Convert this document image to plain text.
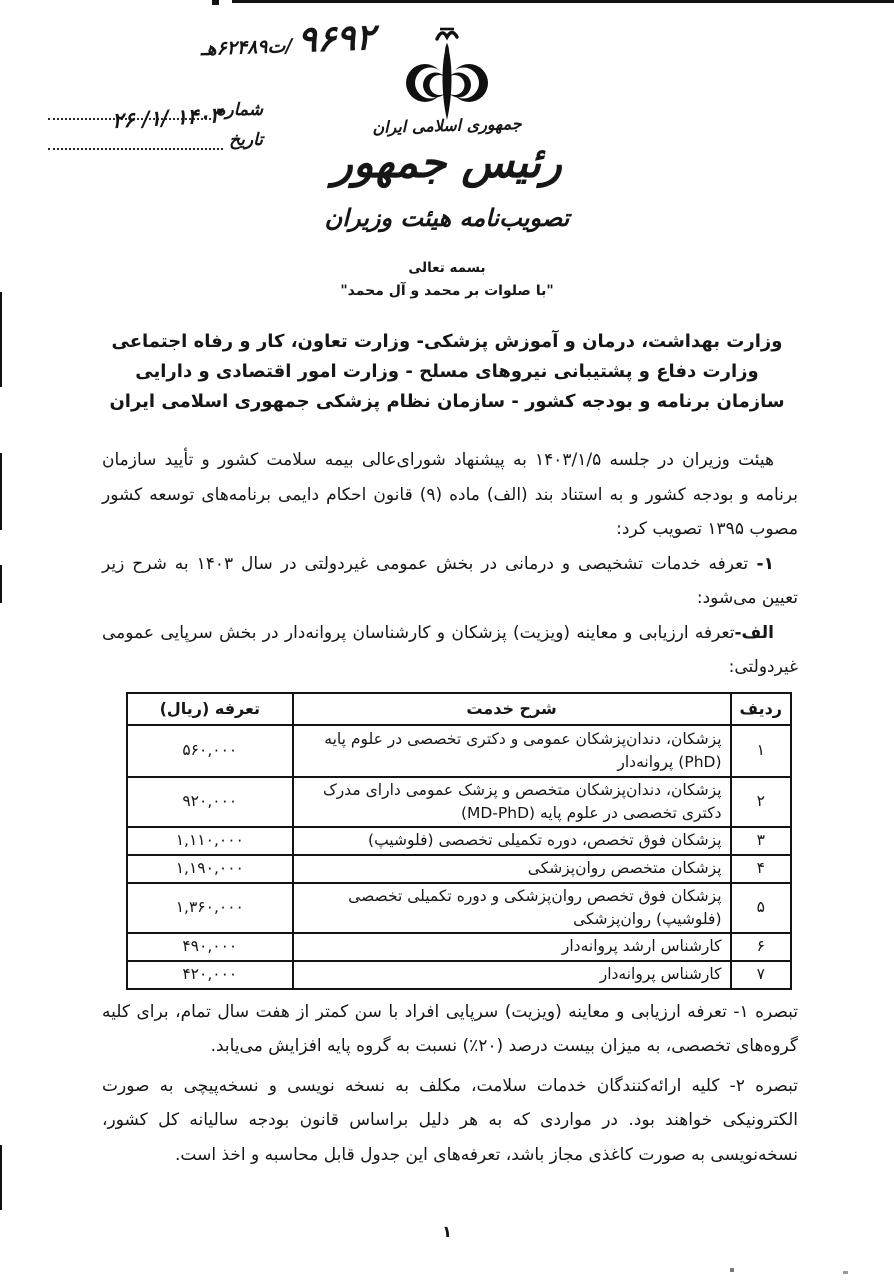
۹۶۹۲ /ت۶۲۴۸۹هـ
شماره
تاریخ
۱۴۰۳ /۱/ ۲۶	جمهوری اسلامی ایران
رئیس جمهور
تصویب‌نامه هیئت وزیران
بسمه تعالی
"با صلوات بر محمد و آل محمد"
وزارت بهداشت، درمان و آموزش پزشکی- وزارت تعاون، کار و رفاه اجتماعی
وزارت دفاع و پشتیبانی نیروهای مسلح - وزارت امور اقتصادی و دارایی
سازمان برنامه و بودجه کشور - سازمان نظام پزشکی جمهوری اسلامی ایران

هیئت وزیران در جلسه ۱۴۰۳/۱/۵ به پیشنهاد شورای‌عالی بیمه سلامت کشور و تأیید سازمان برنامه و بودجه کشور و به استناد بند (الف) ماده (۹) قانون احکام دایمی برنامه‌های توسعه کشور مصوب ۱۳۹۵ تصویب کرد:

۱- تعرفه خدمات تشخیصی و درمانی در بخش عمومی غیردولتی در سال ۱۴۰۳ به شرح زیر تعیین می‌شود:

الف-تعرفه ارزیابی و معاینه (ویزیت) پزشکان و کارشناسان پروانه‌دار در بخش سرپایی عمومی غیردولتی:

ردیف	شرح خدمت	تعرفه (ریال)
۱	پزشکان، دندان‌پزشکان عمومی و دکتری تخصصی در علوم پایه (PhD) پروانه‌دار	۵۶۰,۰۰۰
۲	پزشکان، دندان‌پزشکان متخصص و پزشک عمومی دارای مدرک دکتری تخصصی در علوم پایه (MD-PhD)	۹۲۰,۰۰۰
۳	پزشکان فوق تخصص، دوره تکمیلی تخصصی (فلوشیپ)	۱,۱۱۰,۰۰۰
۴	پزشکان متخصص روان‌پزشکی	۱,۱۹۰,۰۰۰
۵	پزشکان فوق تخصص روان‌پزشکی و دوره تکمیلی تخصصی (فلوشیپ) روان‌پزشکی	۱,۳۶۰,۰۰۰
۶	کارشناس ارشد پروانه‌دار	۴۹۰,۰۰۰
۷	کارشناس پروانه‌دار	۴۲۰,۰۰۰

تبصره ۱- تعرفه ارزیابی و معاینه (ویزیت) سرپایی افراد با سن کمتر از هفت سال تمام، برای کلیه گروه‌های تخصصی، به میزان بیست درصد (۲۰٪) نسبت به گروه پایه افزایش می‌یابد.

تبصره ۲- کلیه ارائه‌کنندگان خدمات سلامت، مکلف به نسخه نویسی و نسخه‌پیچی به صورت الکترونیکی خواهند بود. در مواردی که به هر دلیل براساس قانون بودجه سالیانه کل کشور، نسخه‌نویسی به صورت کاغذی مجاز باشد، تعرفه‌های این جدول قابل محاسبه و اخذ است.

۱
